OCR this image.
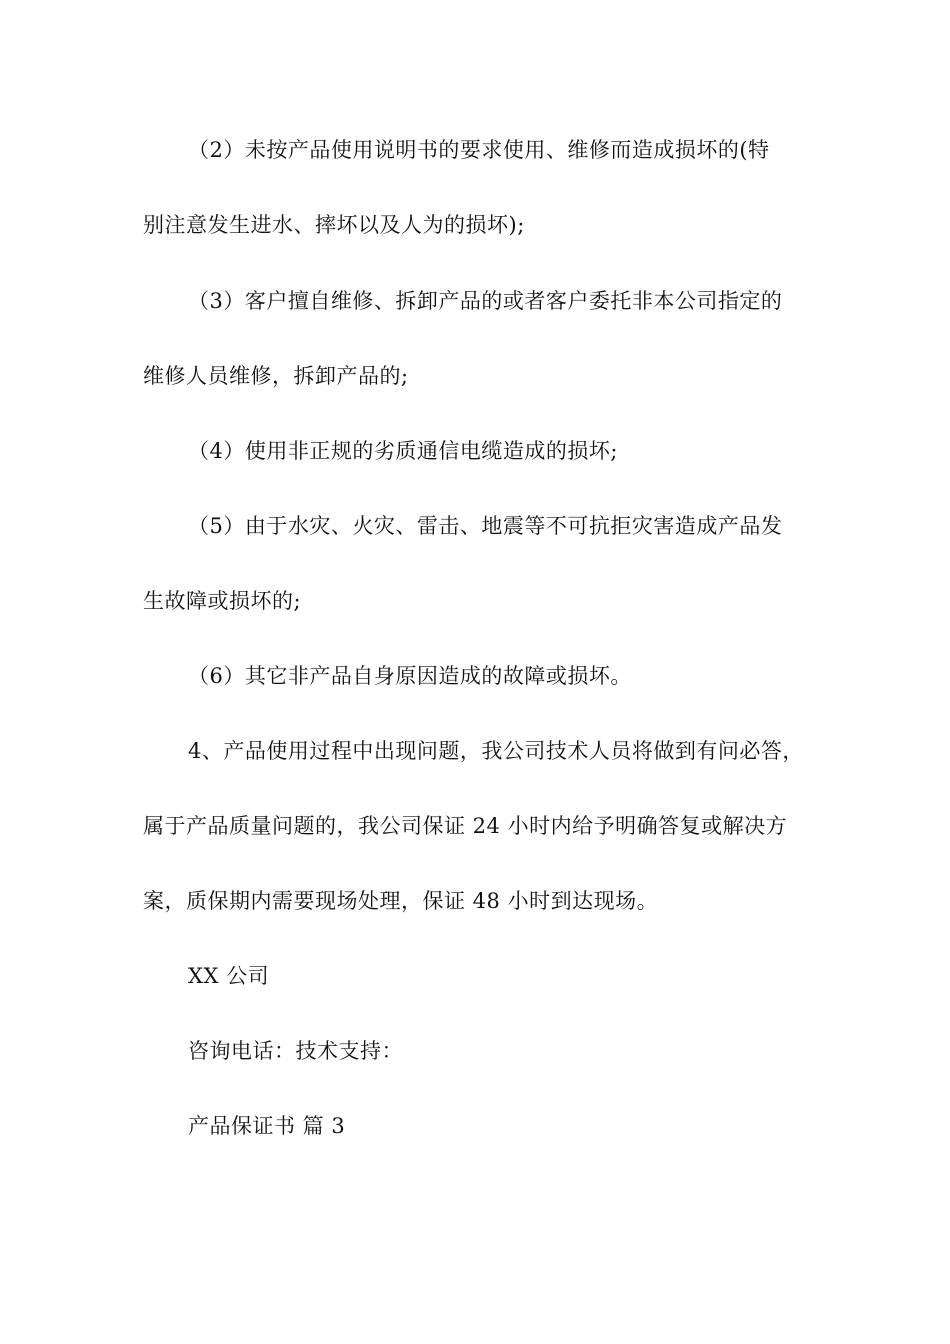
（2）未按产品使用说明书的要求使用、维修而造成损坏的(特
别注意发生进水、摔坏以及人为的损坏);
（3）客户擅自维修、拆卸产品的或者客户委托非本公司指定的
维修人员维修，拆卸产品的;
（4）使用非正规的劣质通信电缆造成的损坏;
（5）由于水灾、火灾、雷击、地震等不可抗拒灾害造成产品发
生故障或损坏的;
（6）其它非产品自身原因造成的故障或损坏。
4、产品使用过程中出现问题，我公司技术人员将做到有问必答，
属于产品质量问题的，我公司保证 24 小时内给予明确答复或解决方
案，质保期内需要现场处理，保证 48 小时到达现场。
XX 公司
咨询电话：技术支持：
产品保证书 篇 3
